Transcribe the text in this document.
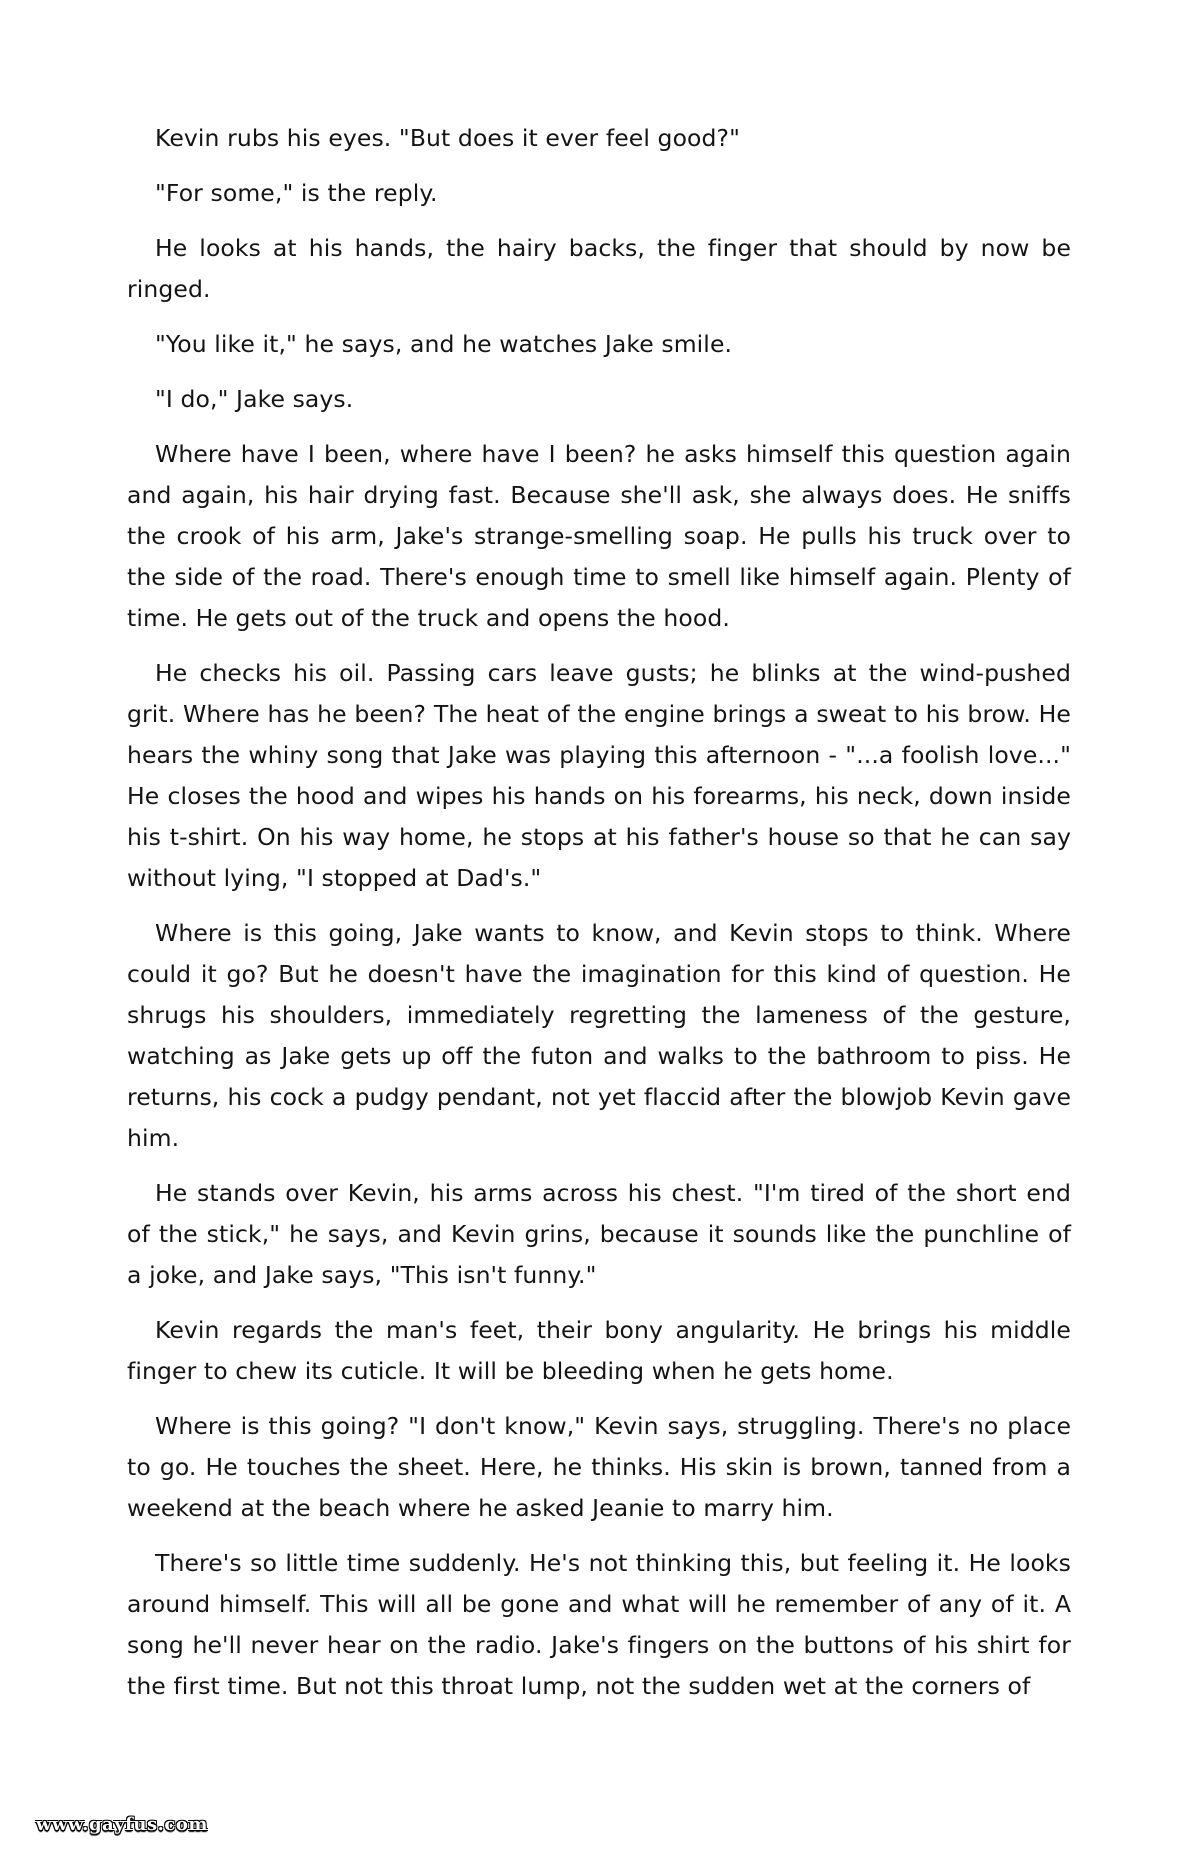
Kevin rubs his eyes. "But does it ever feel good?"

"For some," is the reply.

He looks at his hands, the hairy backs, the finger that should by now be ringed.

"You like it," he says, and he watches Jake smile.

"I do," Jake says.

Where have I been, where have I been? he asks himself this question again and again, his hair drying fast. Because she'll ask, she always does. He sniffs the crook of his arm, Jake's strange-smelling soap. He pulls his truck over to the side of the road. There's enough time to smell like himself again. Plenty of time. He gets out of the truck and opens the hood.

He checks his oil. Passing cars leave gusts; he blinks at the wind-pushed grit. Where has he been? The heat of the engine brings a sweat to his brow. He hears the whiny song that Jake was playing this afternoon - "...a foolish love..." He closes the hood and wipes his hands on his forearms, his neck, down inside his t-shirt. On his way home, he stops at his father's house so that he can say without lying, "I stopped at Dad's."

Where is this going, Jake wants to know, and Kevin stops to think. Where could it go? But he doesn't have the imagination for this kind of question. He shrugs his shoulders, immediately regretting the lameness of the gesture, watching as Jake gets up off the futon and walks to the bathroom to piss. He returns, his cock a pudgy pendant, not yet flaccid after the blowjob Kevin gave him.

He stands over Kevin, his arms across his chest. "I'm tired of the short end of the stick," he says, and Kevin grins, because it sounds like the punchline of a joke, and Jake says, "This isn't funny."

Kevin regards the man's feet, their bony angularity. He brings his middle finger to chew its cuticle. It will be bleeding when he gets home.

Where is this going? "I don't know," Kevin says, struggling. There's no place to go. He touches the sheet. Here, he thinks. His skin is brown, tanned from a weekend at the beach where he asked Jeanie to marry him.

There's so little time suddenly. He's not thinking this, but feeling it. He looks around himself. This will all be gone and what will he remember of any of it. A song he'll never hear on the radio. Jake's fingers on the buttons of his shirt for the first time. But not this throat lump, not the sudden wet at the corners of

www.gayfus.com
